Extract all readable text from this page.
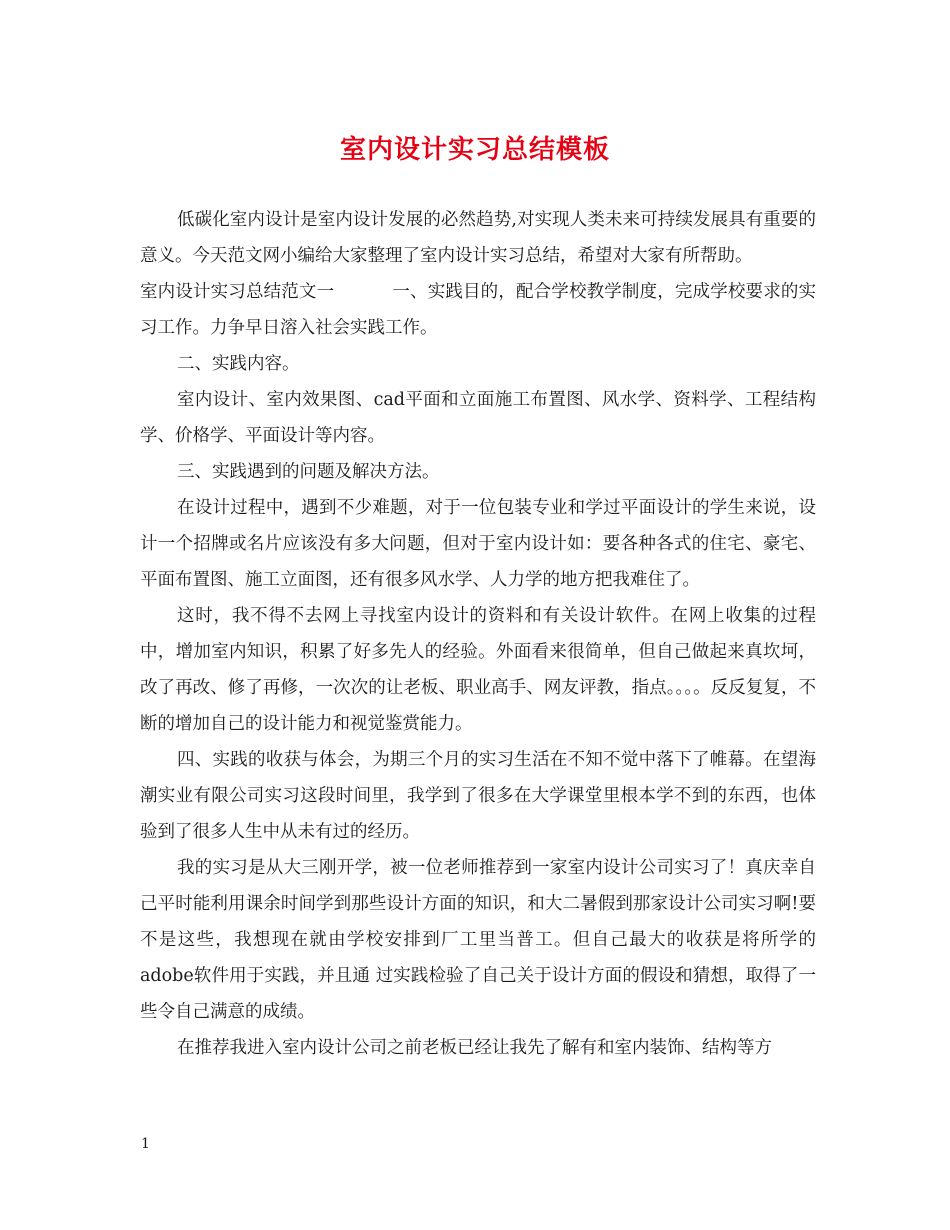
室内设计实习总结模板

低碳化室内设计是室内设计发展的必然趋势,对实现人类未来可持续发展具有重要的意义。今天范文网小编给大家整理了室内设计实习总结，希望对大家有所帮助。

室内设计实习总结范文一	一、实践目的，配合学校教学制度，完成学校要求的实习工作。力争早日溶入社会实践工作。

二、实践内容。

室内设计、室内效果图、cad平面和立面施工布置图、风水学、资料学、工程结构学、价格学、平面设计等内容。

三、实践遇到的问题及解决方法。

在设计过程中，遇到不少难题，对于一位包装专业和学过平面设计的学生来说，设计一个招牌或名片应该没有多大问题，但对于室内设计如：要各种各式的住宅、豪宅、平面布置图、施工立面图，还有很多风水学、人力学的地方把我难住了。

这时，我不得不去网上寻找室内设计的资料和有关设计软件。在网上收集的过程中，增加室内知识，积累了好多先人的经验。外面看来很简单，但自己做起来真坎坷，改了再改、修了再修，一次次的让老板、职业高手、网友评教，指点。。。。反反复复，不断的增加自己的设计能力和视觉鉴赏能力。

四、实践的收获与体会，为期三个月的实习生活在不知不觉中落下了帷幕。在望海潮实业有限公司实习这段时间里，我学到了很多在大学课堂里根本学不到的东西，也体验到了很多人生中从未有过的经历。

我的实习是从大三刚开学，被一位老师推荐到一家室内设计公司实习了！真庆幸自己平时能利用课余时间学到那些设计方面的知识，和大二暑假到那家设计公司实习啊!要不是这些，我想现在就由学校安排到厂工里当普工。但自己最大的收获是将所学的adobe软件用于实践，并且通 过实践检验了自己关于设计方面的假设和猜想，取得了一些令自己满意的成绩。

在推荐我进入室内设计公司之前老板已经让我先了解有和室内装饰、结构等方

1
